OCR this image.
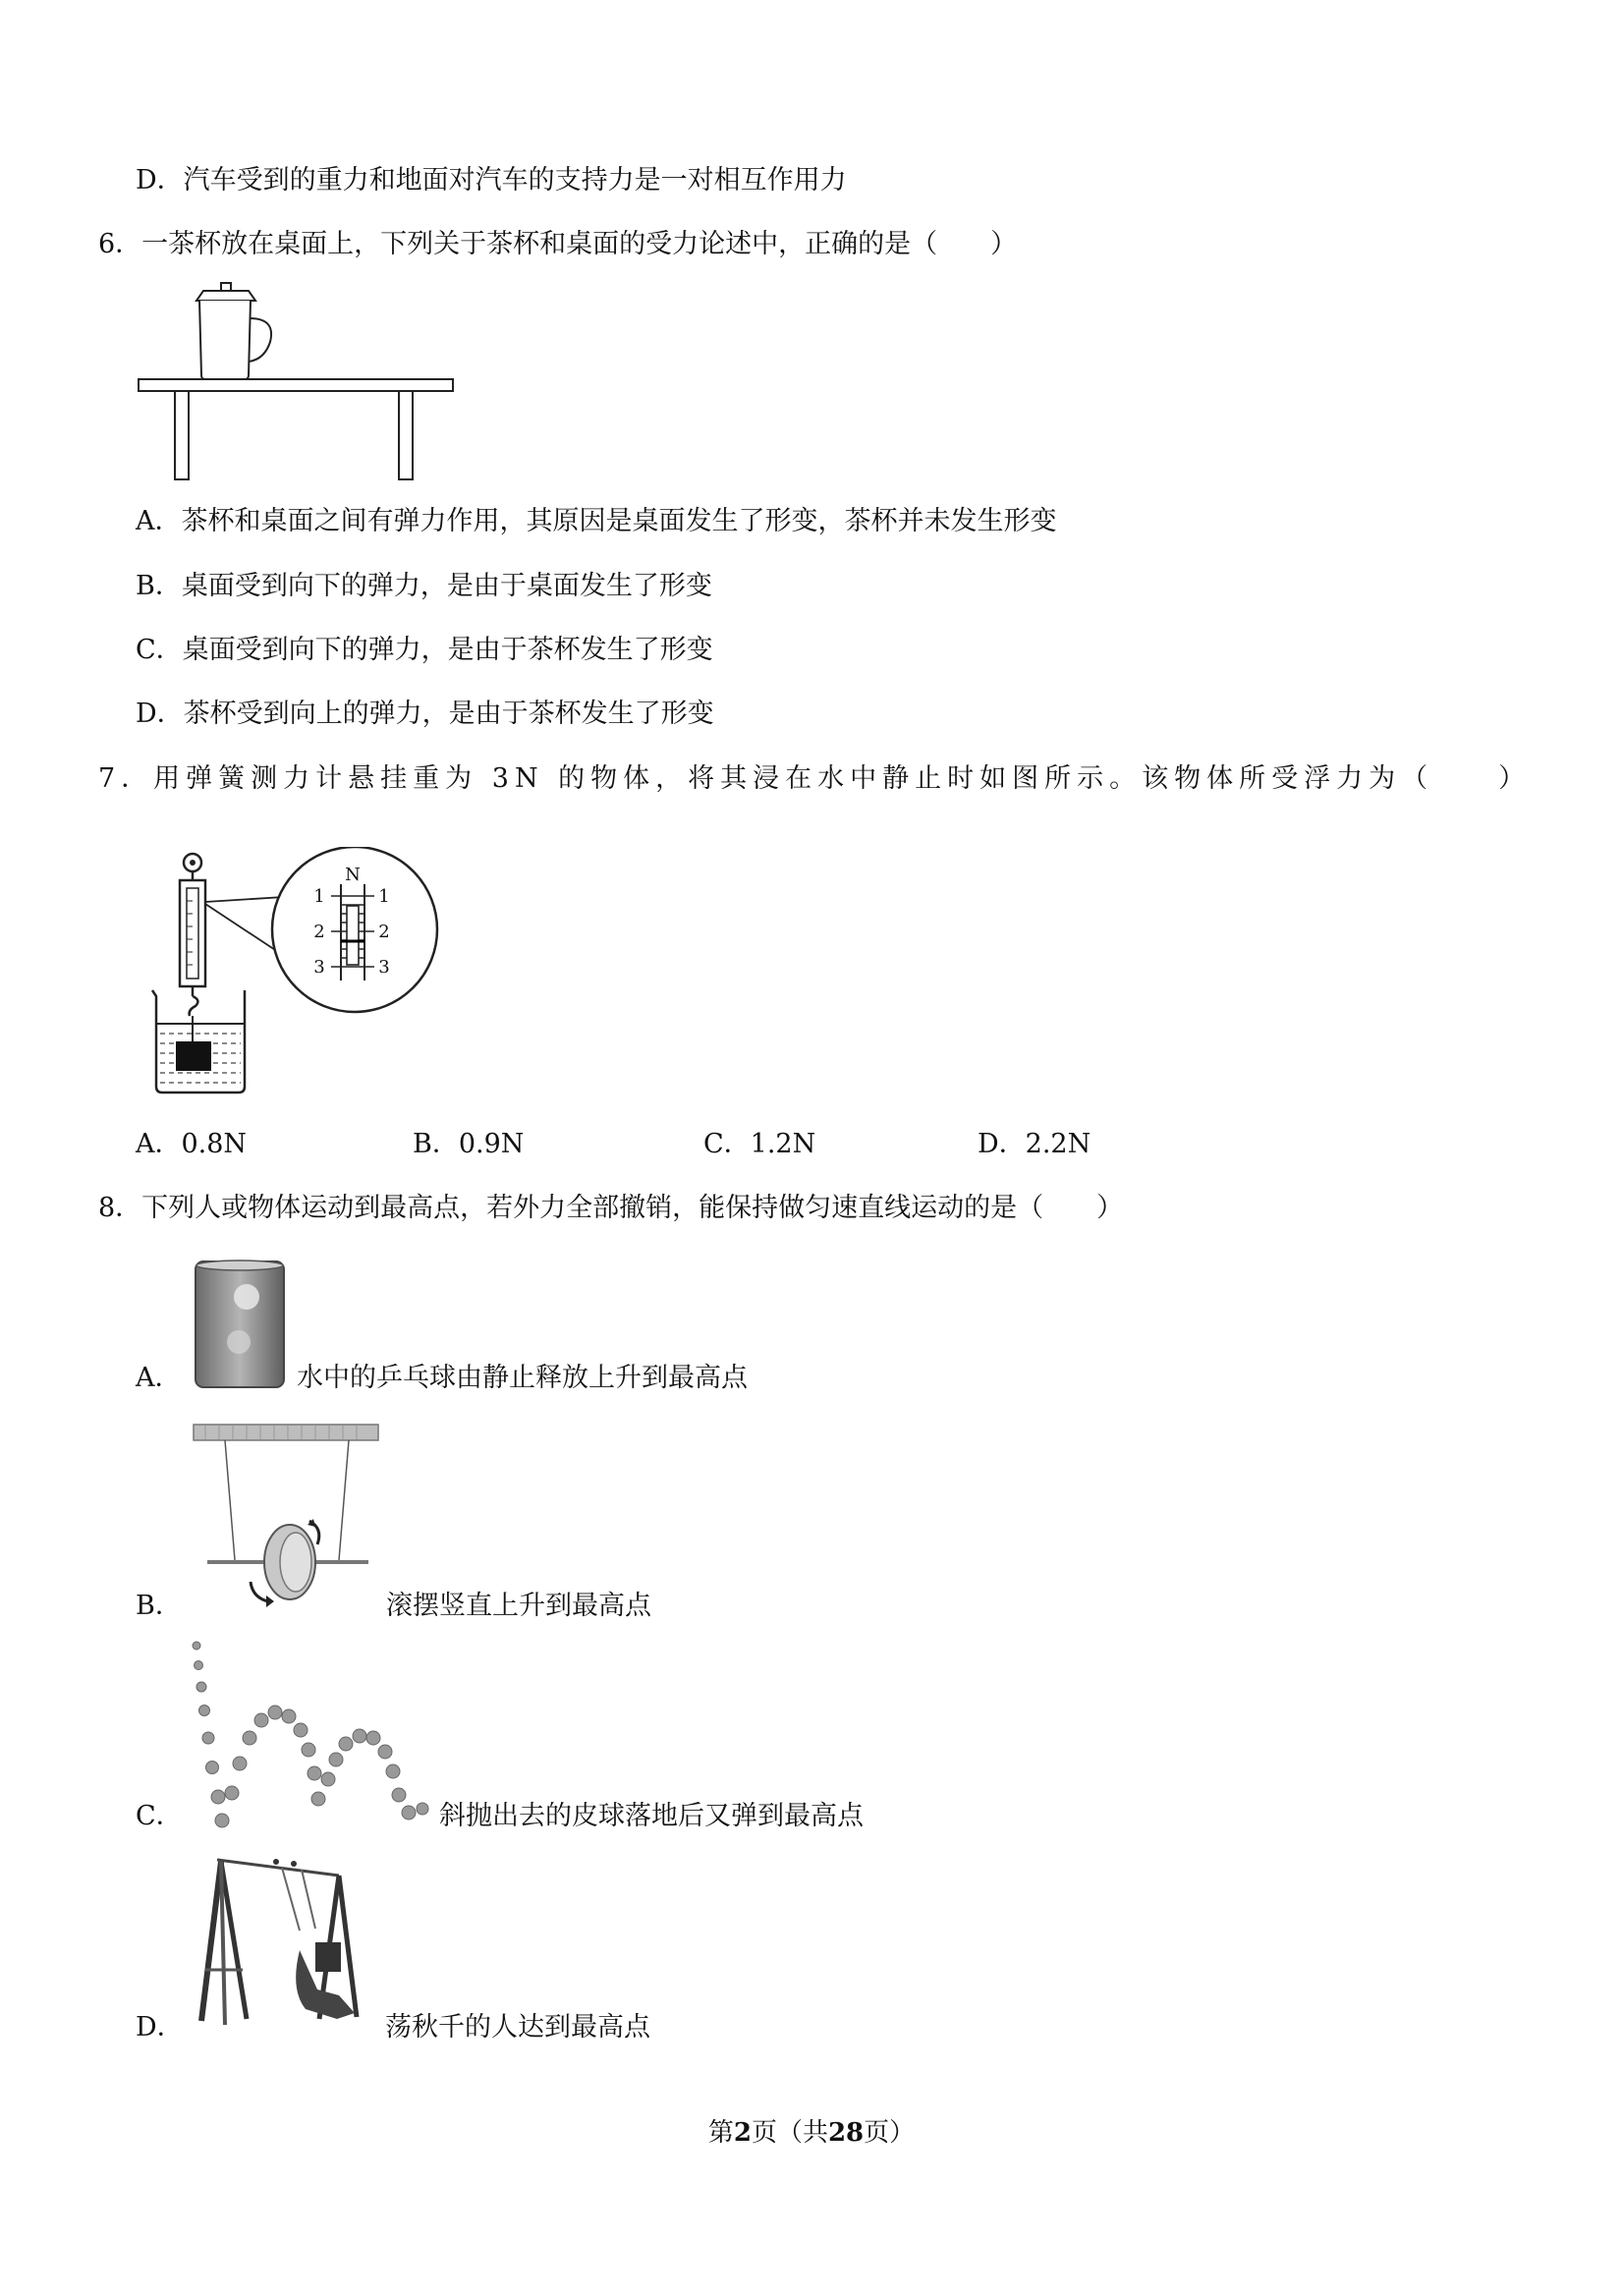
D．汽车受到的重力和地面对汽车的支持力是一对相互作用力

6．一茶杯放在桌面上，下列关于茶杯和桌面的受力论述中，正确的是（　　）

A．茶杯和桌面之间有弹力作用，其原因是桌面发生了形变，茶杯并未发生形变

B．桌面受到向下的弹力，是由于桌面发生了形变

C．桌面受到向下的弹力，是由于茶杯发生了形变

D．茶杯受到向上的弹力，是由于茶杯发生了形变

7．用弹簧测力计悬挂重为 3N 的物体，将其浸在水中静止时如图所示。该物体所受浮力为（　　）

N
1	1
2	2
3	3

A．0.8N	B．0.9N	C．1.2N	D．2.2N

8．下列人或物体运动到最高点，若外力全部撤销，能保持做匀速直线运动的是（　　）

A．	水中的乒乓球由静止释放上升到最高点
B．	滚摆竖直上升到最高点
C．	斜抛出去的皮球落地后又弹到最高点
D．	荡秋千的人达到最高点
第2页（共28页）
